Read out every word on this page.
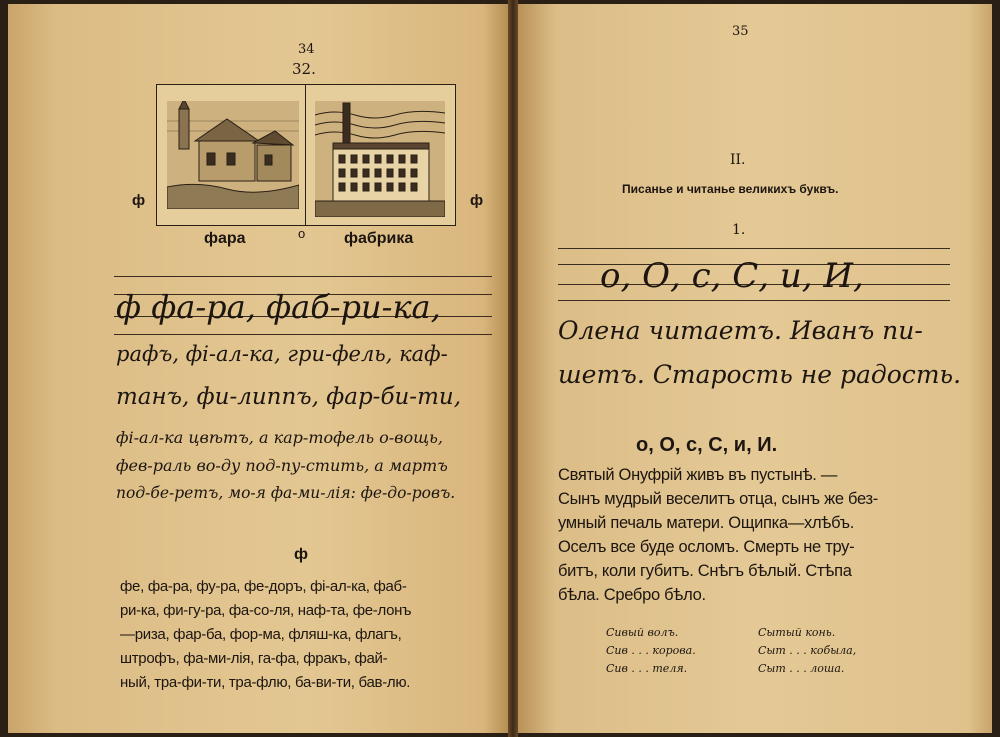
34
32.
ф	ф
фара	о фабрика
ф фа-ра, фаб-ри-ка,
рафъ, фі-ал-ка, гри-фель, каф-
танъ, фи-липпъ, фар-би-ти,
фі-ал-ка цвѣтъ, а кар-тофель о-вощь,
фев-раль во-ду под-пу-стить, а мартъ
под-бе-ретъ, мо-я фа-ми-лія: фе-до-ровъ.
ф
фе, фа-ра, фу-ра, фе-доръ, фі-ал-ка, фаб-
ри-ка, фи-гу-ра, фа-со-ля, наф-та, фе-лонъ
—риза, фар-ба, фор-ма, фляш-ка, флагъ,
штрофъ, фа-ми-лія, га-фа, фракъ, фай-
ный, тра-фи-ти, тра-флю, ба-ви-ти, бав-лю.
35
II.
Писанье и читанье великихъ буквъ.
1.
о, О, с, С, и, И,
Олена читаетъ. Иванъ пи-
шетъ. Старость не радость.
о, О, с, С, и, И.
Святый Онуфрій живъ въ пустынѣ. —
Сынъ мудрый веселитъ отца, сынъ же без-
умный печаль матери. Ощипка—хлѣбъ.
Оселъ все буде осломъ. Смерть не тру-
битъ, коли губитъ. Снѣгъ бѣлый. Стѣпа
бѣла. Сребро бѣло.
Сивый волъ.
Сив . . . корова.
Сив . . . теля.
Сытый конь.
Сыт . . . кобыла,
Сыт . . . лоша.
